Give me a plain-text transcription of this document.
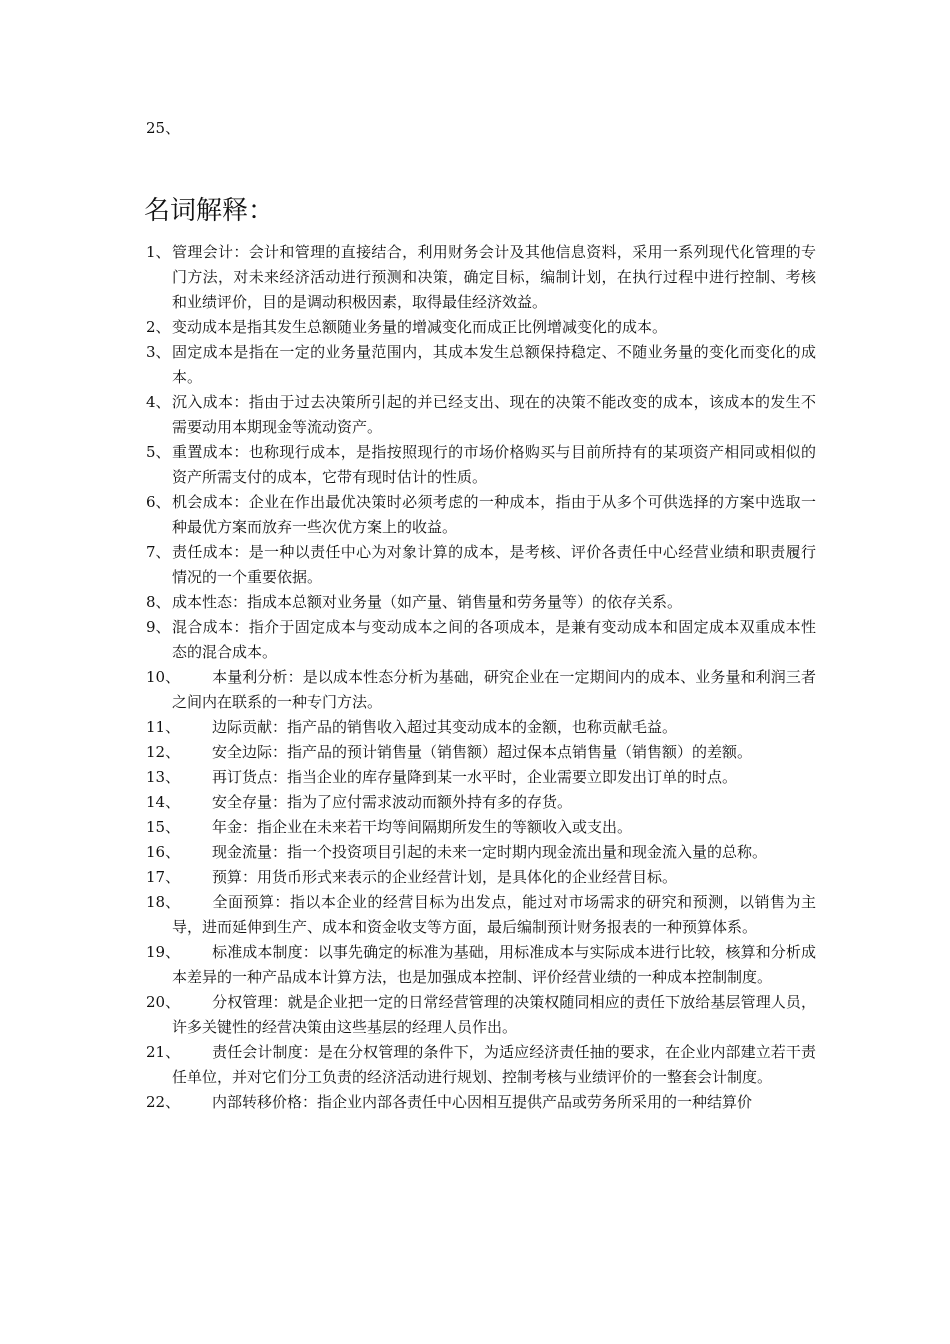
25、
名词解释：
1、 管理会计：会计和管理的直接结合，利用财务会计及其他信息资料，采用一系列现代化管理的专门方法，对未来经济活动进行预测和决策，确定目标，编制计划，在执行过程中进行控制、考核和业绩评价，目的是调动积极因素，取得最佳经济效益。
2、 变动成本是指其发生总额随业务量的增减变化而成正比例增减变化的成本。
3、 固定成本是指在一定的业务量范围内，其成本发生总额保持稳定、不随业务量的变化而变化的成本。
4、 沉入成本：指由于过去决策所引起的并已经支出、现在的决策不能改变的成本，该成本的发生不需要动用本期现金等流动资产。
5、 重置成本：也称现行成本，是指按照现行的市场价格购买与目前所持有的某项资产相同或相似的资产所需支付的成本，它带有现时估计的性质。
6、 机会成本：企业在作出最优决策时必须考虑的一种成本，指由于从多个可供选择的方案中选取一种最优方案而放弃一些次优方案上的收益。
7、 责任成本：是一种以责任中心为对象计算的成本，是考核、评价各责任中心经营业绩和职责履行情况的一个重要依据。
8、 成本性态：指成本总额对业务量（如产量、销售量和劳务量等）的依存关系。
9、 混合成本：指介于固定成本与变动成本之间的各项成本，是兼有变动成本和固定成本双重成本性态的混合成本。
10、	本量利分析：是以成本性态分析为基础，研究企业在一定期间内的成本、业务量和利润三者之间内在联系的一种专门方法。
11、	边际贡献：指产品的销售收入超过其变动成本的金额，也称贡献毛益。
12、	安全边际：指产品的预计销售量（销售额）超过保本点销售量（销售额）的差额。
13、	再订货点：指当企业的库存量降到某一水平时，企业需要立即发出订单的时点。
14、	安全存量：指为了应付需求波动而额外持有多的存货。
15、	年金：指企业在未来若干均等间隔期所发生的等额收入或支出。
16、	现金流量：指一个投资项目引起的未来一定时期内现金流出量和现金流入量的总称。
17、	预算：用货币形式来表示的企业经营计划，是具体化的企业经营目标。
18、	全面预算：指以本企业的经营目标为出发点，能过对市场需求的研究和预测，以销售为主导，进而延伸到生产、成本和资金收支等方面，最后编制预计财务报表的一种预算体系。
19、	标准成本制度：以事先确定的标准为基础，用标准成本与实际成本进行比较，核算和分析成本差异的一种产品成本计算方法，也是加强成本控制、评价经营业绩的一种成本控制制度。
20、	分权管理：就是企业把一定的日常经营管理的决策权随同相应的责任下放给基层管理人员，许多关键性的经营决策由这些基层的经理人员作出。
21、	责任会计制度：是在分权管理的条件下，为适应经济责任抽的要求，在企业内部建立若干责任单位，并对它们分工负责的经济活动进行规划、控制考核与业绩评价的一整套会计制度。
22、	内部转移价格：指企业内部各责任中心因相互提供产品或劳务所采用的一种结算价
